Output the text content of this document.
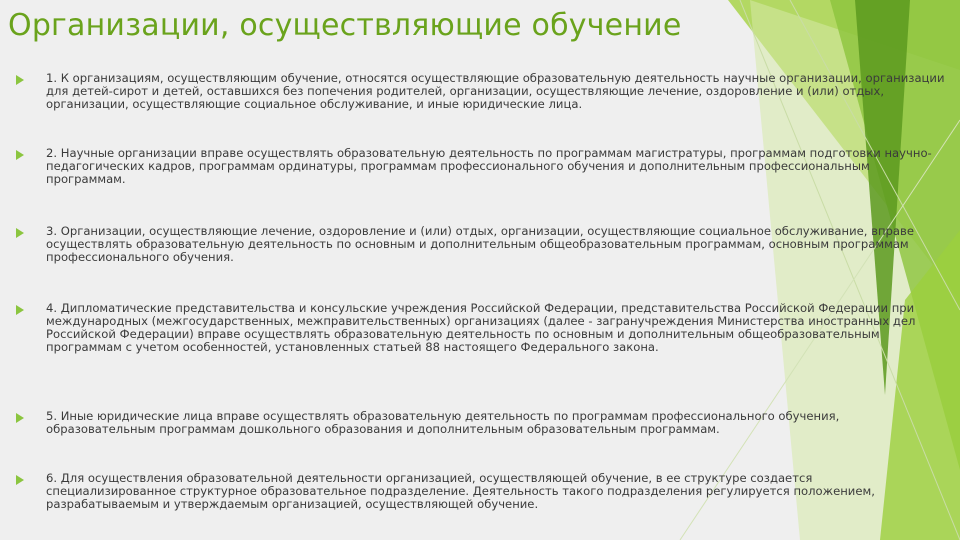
Организации, осуществляющие обучение
1. К организациям, осуществляющим обучение, относятся осуществляющие образовательную деятельность научные организации, организации для детей-сирот и детей, оставшихся без попечения родителей, организации, осуществляющие лечение, оздоровление и (или) отдых, организации, осуществляющие социальное обслуживание, и иные юридические лица.
2. Научные организации вправе осуществлять образовательную деятельность по программам магистратуры, программам подготовки научно-педагогических кадров, программам ординатуры, программам профессионального обучения и дополнительным профессиональным программам.
3. Организации, осуществляющие лечение, оздоровление и (или) отдых, организации, осуществляющие социальное обслуживание, вправе осуществлять образовательную деятельность по основным и дополнительным общеобразовательным программам, основным программам профессионального обучения.
4. Дипломатические представительства и консульские учреждения Российской Федерации, представительства Российской Федерации при международных (межгосударственных, межправительственных) организациях (далее - загранучреждения Министерства иностранных дел Российской Федерации) вправе осуществлять образовательную деятельность по основным и дополнительным общеобразовательным программам с учетом особенностей, установленных статьей 88 настоящего Федерального закона.
5. Иные юридические лица вправе осуществлять образовательную деятельность по программам профессионального обучения, образовательным программам дошкольного образования и дополнительным образовательным программам.
6. Для осуществления образовательной деятельности организацией, осуществляющей обучение, в ее структуре создается специализированное структурное образовательное подразделение. Деятельность такого подразделения регулируется положением, разрабатываемым и утверждаемым организацией, осуществляющей обучение.
